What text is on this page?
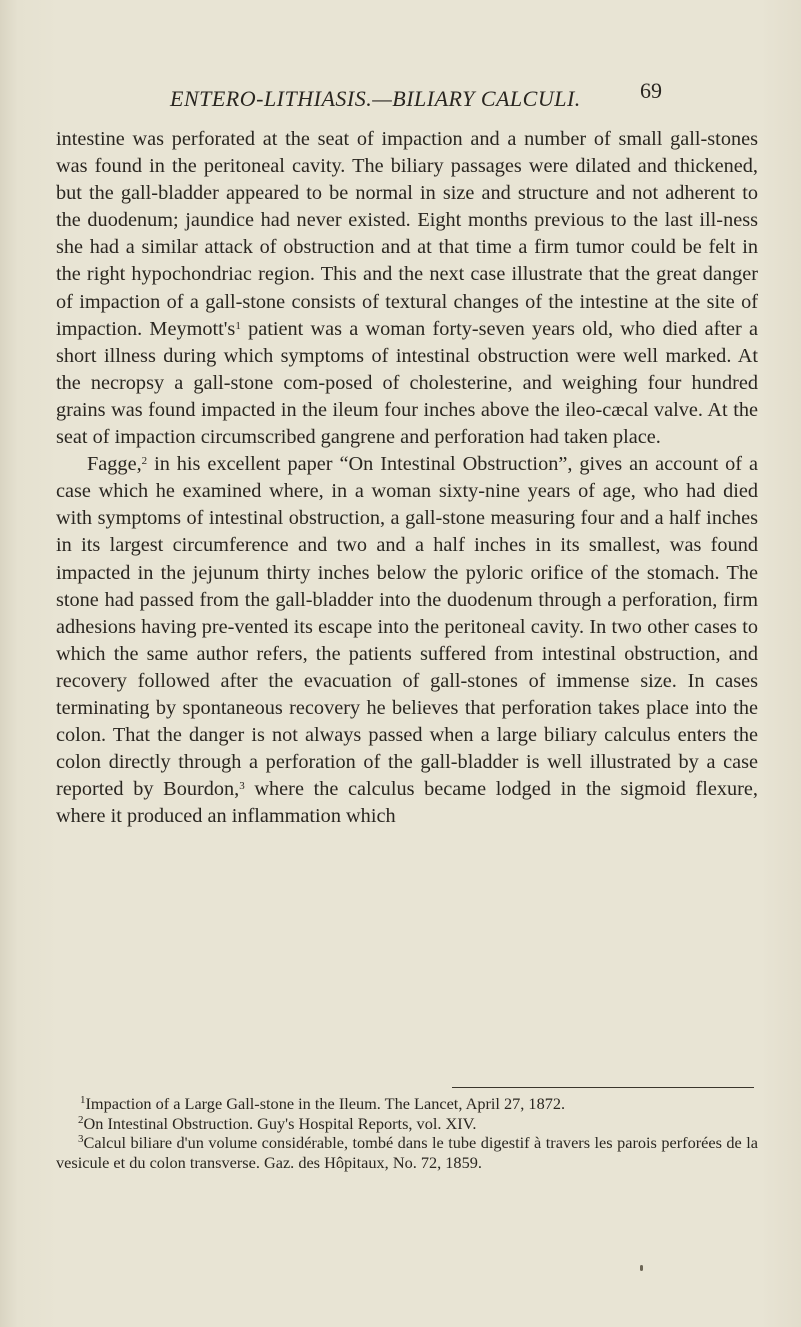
ENTERO-LITHIASIS.—BILIARY CALCULI.	69

intestine was perforated at the seat of impaction and a number of small gall-stones was found in the peritoneal cavity. The biliary passages were dilated and thickened, but the gall-bladder appeared to be normal in size and structure and not adherent to the duodenum; jaundice had never existed. Eight months previous to the last ill-ness she had a similar attack of obstruction and at that time a firm tumor could be felt in the right hypochondriac region. This and the next case illustrate that the great danger of impaction of a gall-stone consists of textural changes of the intestine at the site of impaction. $Meymott's^1$ patient was a woman forty-seven years old, who died after a short illness during which symptoms of intestinal obstruction were well marked. At the necropsy a gall-stone com-posed of cholesterine, and weighing four hundred grains was found impacted in the ileum four inches above the ileo-cæcal valve. At the seat of impaction circumscribed gangrene and perforation had taken place.

Fagge,$^2$ in his excellent paper “On Intestinal Obstruction”, gives an account of a case which he examined where, in a woman sixty-nine years of age, who had died with symptoms of intestinal obstruction, a gall-stone measuring four and a half inches in its largest circumference and two and a half inches in its smallest, was found impacted in the jejunum thirty inches below the pyloric orifice of the stomach. The stone had passed from the gall-bladder into the duodenum through a perforation, firm adhesions having pre-vented its escape into the peritoneal cavity. In two other cases to which the same author refers, the patients suffered from intestinal obstruction, and recovery followed after the evacuation of gall-stones of immense size. In cases terminating by spontaneous recovery he believes that perforation takes place into the colon. That the danger is not always passed when a large biliary calculus enters the colon directly through a perforation of the gall-bladder is well illustrated by a case reported by Bourdon,$^3$ where the calculus became lodged in the sigmoid flexure, where it produced an inflammation which

$^1$Impaction of a Large Gall-stone in the Ileum. The Lancet, April 27, 1872.

$^2$On Intestinal Obstruction. Guy's Hospital Reports, vol. XIV.

$^3$Calcul biliare d'un volume considérable, tombé dans le tube digestif à travers les parois perforées de la vesicule et du colon transverse. Gaz. des Hôpitaux, No. 72, 1859.
